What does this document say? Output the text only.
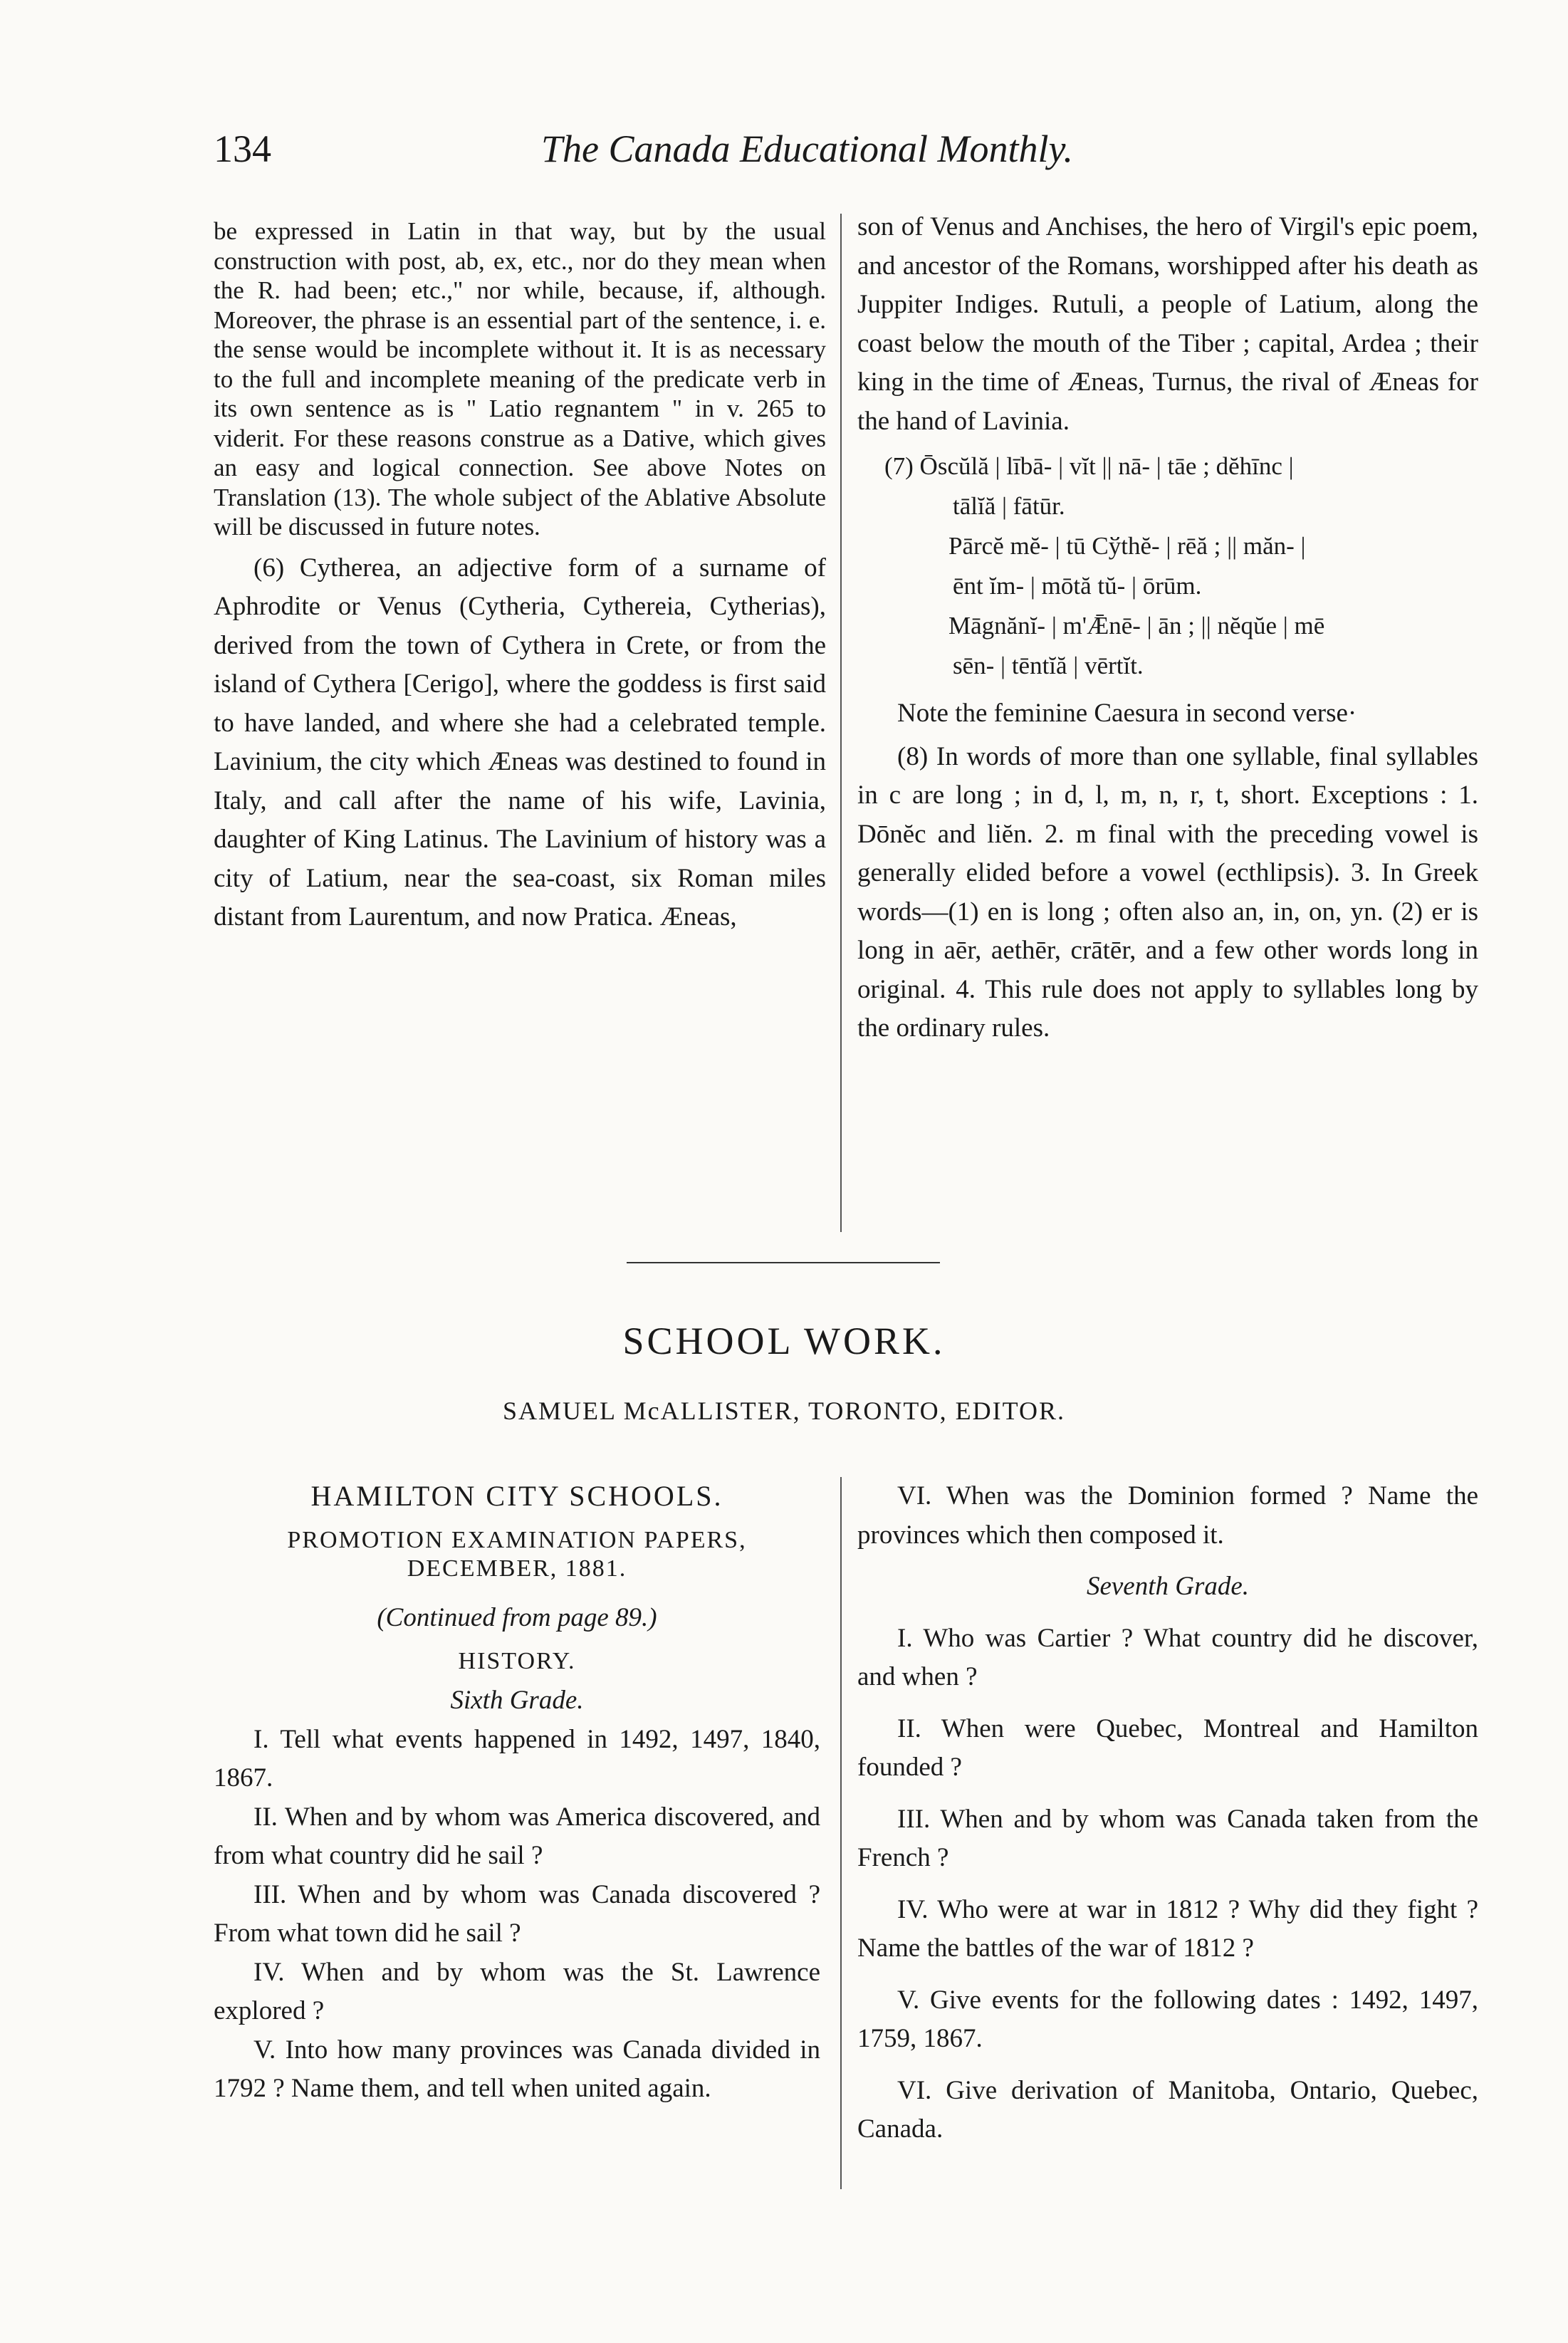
134	The Canada Educational Monthly.

be expressed in Latin in that way, but by the usual construction with post, ab, ex, etc., nor do they mean when the R. had been; etc.," nor while, because, if, although. Moreover, the phrase is an essential part of the sentence, i. e. the sense would be incomplete without it. It is as necessary to the full and incomplete meaning of the predicate verb in its own sentence as is " Latio regnantem " in v. 265 to viderit. For these reasons construe as a Dative, which gives an easy and logical connection. See above Notes on Translation (13). The whole subject of the Ablative Absolute will be discussed in future notes.

(6) Cytherea, an adjective form of a surname of Aphrodite or Venus (Cytheria, Cythereia, Cytherias), derived from the town of Cythera in Crete, or from the island of Cythera [Cerigo], where the goddess is first said to have landed, and where she had a celebrated temple. Lavinium, the city which Æneas was destined to found in Italy, and call after the name of his wife, Lavinia, daughter of King Latinus. The Lavinium of history was a city of Latium, near the sea-coast, six Roman miles distant from Laurentum, and now Pratica. Æneas,

son of Venus and Anchises, the hero of Virgil's epic poem, and ancestor of the Romans, worshipped after his death as Juppiter Indiges. Rutuli, a people of Latium, along the coast below the mouth of the Tiber ; capital, Ardea ; their king in the time of Æneas, Turnus, the rival of Æneas for the hand of Lavinia.

(7) Ōscŭlă | lībā- | vĭt || nā- | tāe ; dĕhīnc |
tālĭă | fātūr.
Pārcĕ mĕ- | tū Cўthĕ- | rēă ; || măn- |
ēnt ĭm- | mōtă tŭ- | ōrūm.
Māgnănĭ- | m'Ǣnē- | ān ; || nĕqŭe | mē
sēn- | tēntĭă | vērtĭt.

Note the feminine Caesura in second verse·

(8) In words of more than one syllable, final syllables in c are long ; in d, l, m, n, r, t, short. Exceptions : 1. Dōnĕc and liĕn. 2. m final with the preceding vowel is generally elided before a vowel (ecthlipsis). 3. In Greek words—(1) en is long ; often also an, in, on, yn. (2) er is long in aēr, aethēr, crātēr, and a few other words long in original. 4. This rule does not apply to syllables long by the ordinary rules.

SCHOOL WORK.
SAMUEL McALLISTER, TORONTO, EDITOR.

HAMILTON CITY SCHOOLS.

PROMOTION EXAMINATION PAPERS, DECEMBER, 1881.

(Continued from page 89.)

HISTORY.

Sixth Grade.

I. Tell what events happened in 1492, 1497, 1840, 1867.

II. When and by whom was America discovered, and from what country did he sail ?

III. When and by whom was Canada discovered ? From what town did he sail ?

IV. When and by whom was the St. Lawrence explored ?

V. Into how many provinces was Canada divided in 1792 ? Name them, and tell when united again.

VI. When was the Dominion formed ? Name the provinces which then composed it.

Seventh Grade.

I. Who was Cartier ? What country did he discover, and when ?

II. When were Quebec, Montreal and Hamilton founded ?

III. When and by whom was Canada taken from the French ?

IV. Who were at war in 1812 ? Why did they fight ? Name the battles of the war of 1812 ?

V. Give events for the following dates : 1492, 1497, 1759, 1867.

VI. Give derivation of Manitoba, Ontario, Quebec, Canada.
